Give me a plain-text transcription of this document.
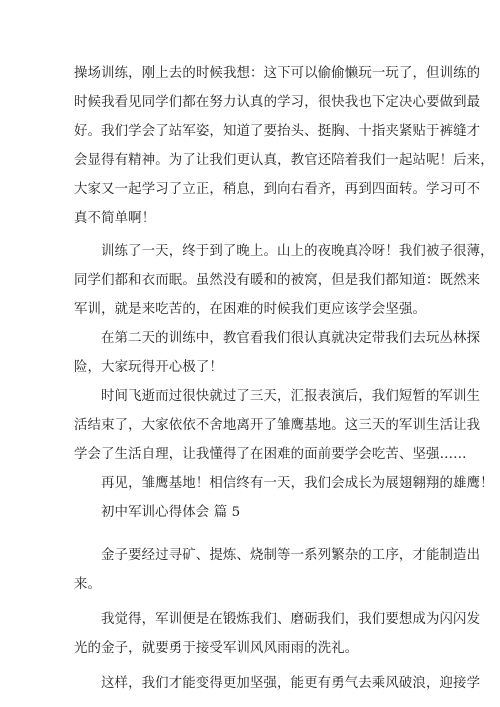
操场训练，刚上去的时候我想：这下可以偷偷懒玩一玩了，但训练的
时候我看见同学们都在努力认真的学习，很快我也下定决心要做到最
好。我们学会了站军姿，知道了要抬头、挺胸、十指夹紧贴于裤缝才
会显得有精神。为了让我们更认真，教官还陪着我们一起站呢！后来，
大家又一起学习了立正，稍息，到向右看齐，再到四面转。学习可不
真不简单啊！
训练了一天，终于到了晚上。山上的夜晚真冷呀！我们被子很薄，
同学们都和衣而眠。虽然没有暖和的被窝，但是我们都知道：既然来
军训，就是来吃苦的，在困难的时候我们更应该学会坚强。
在第二天的训练中，教官看我们很认真就决定带我们去玩丛林探
险，大家玩得开心极了！
时间飞逝而过很快就过了三天，汇报表演后，我们短暂的军训生
活结束了，大家依依不舍地离开了雏鹰基地。这三天的军训生活让我
学会了生活自理，让我懂得了在困难的面前要学会吃苦、坚强……
再见，雏鹰基地！相信终有一天，我们会成长为展翅翱翔的雄鹰！
初中军训心得体会 篇 5
金子要经过寻矿、提炼、烧制等一系列繁杂的工序，才能制造出
来。
我觉得，军训便是在锻炼我们、磨砺我们，我们要想成为闪闪发
光的金子，就要勇于接受军训风风雨雨的洗礼。
这样，我们才能变得更加坚强，能更有勇气去乘风破浪，迎接学
